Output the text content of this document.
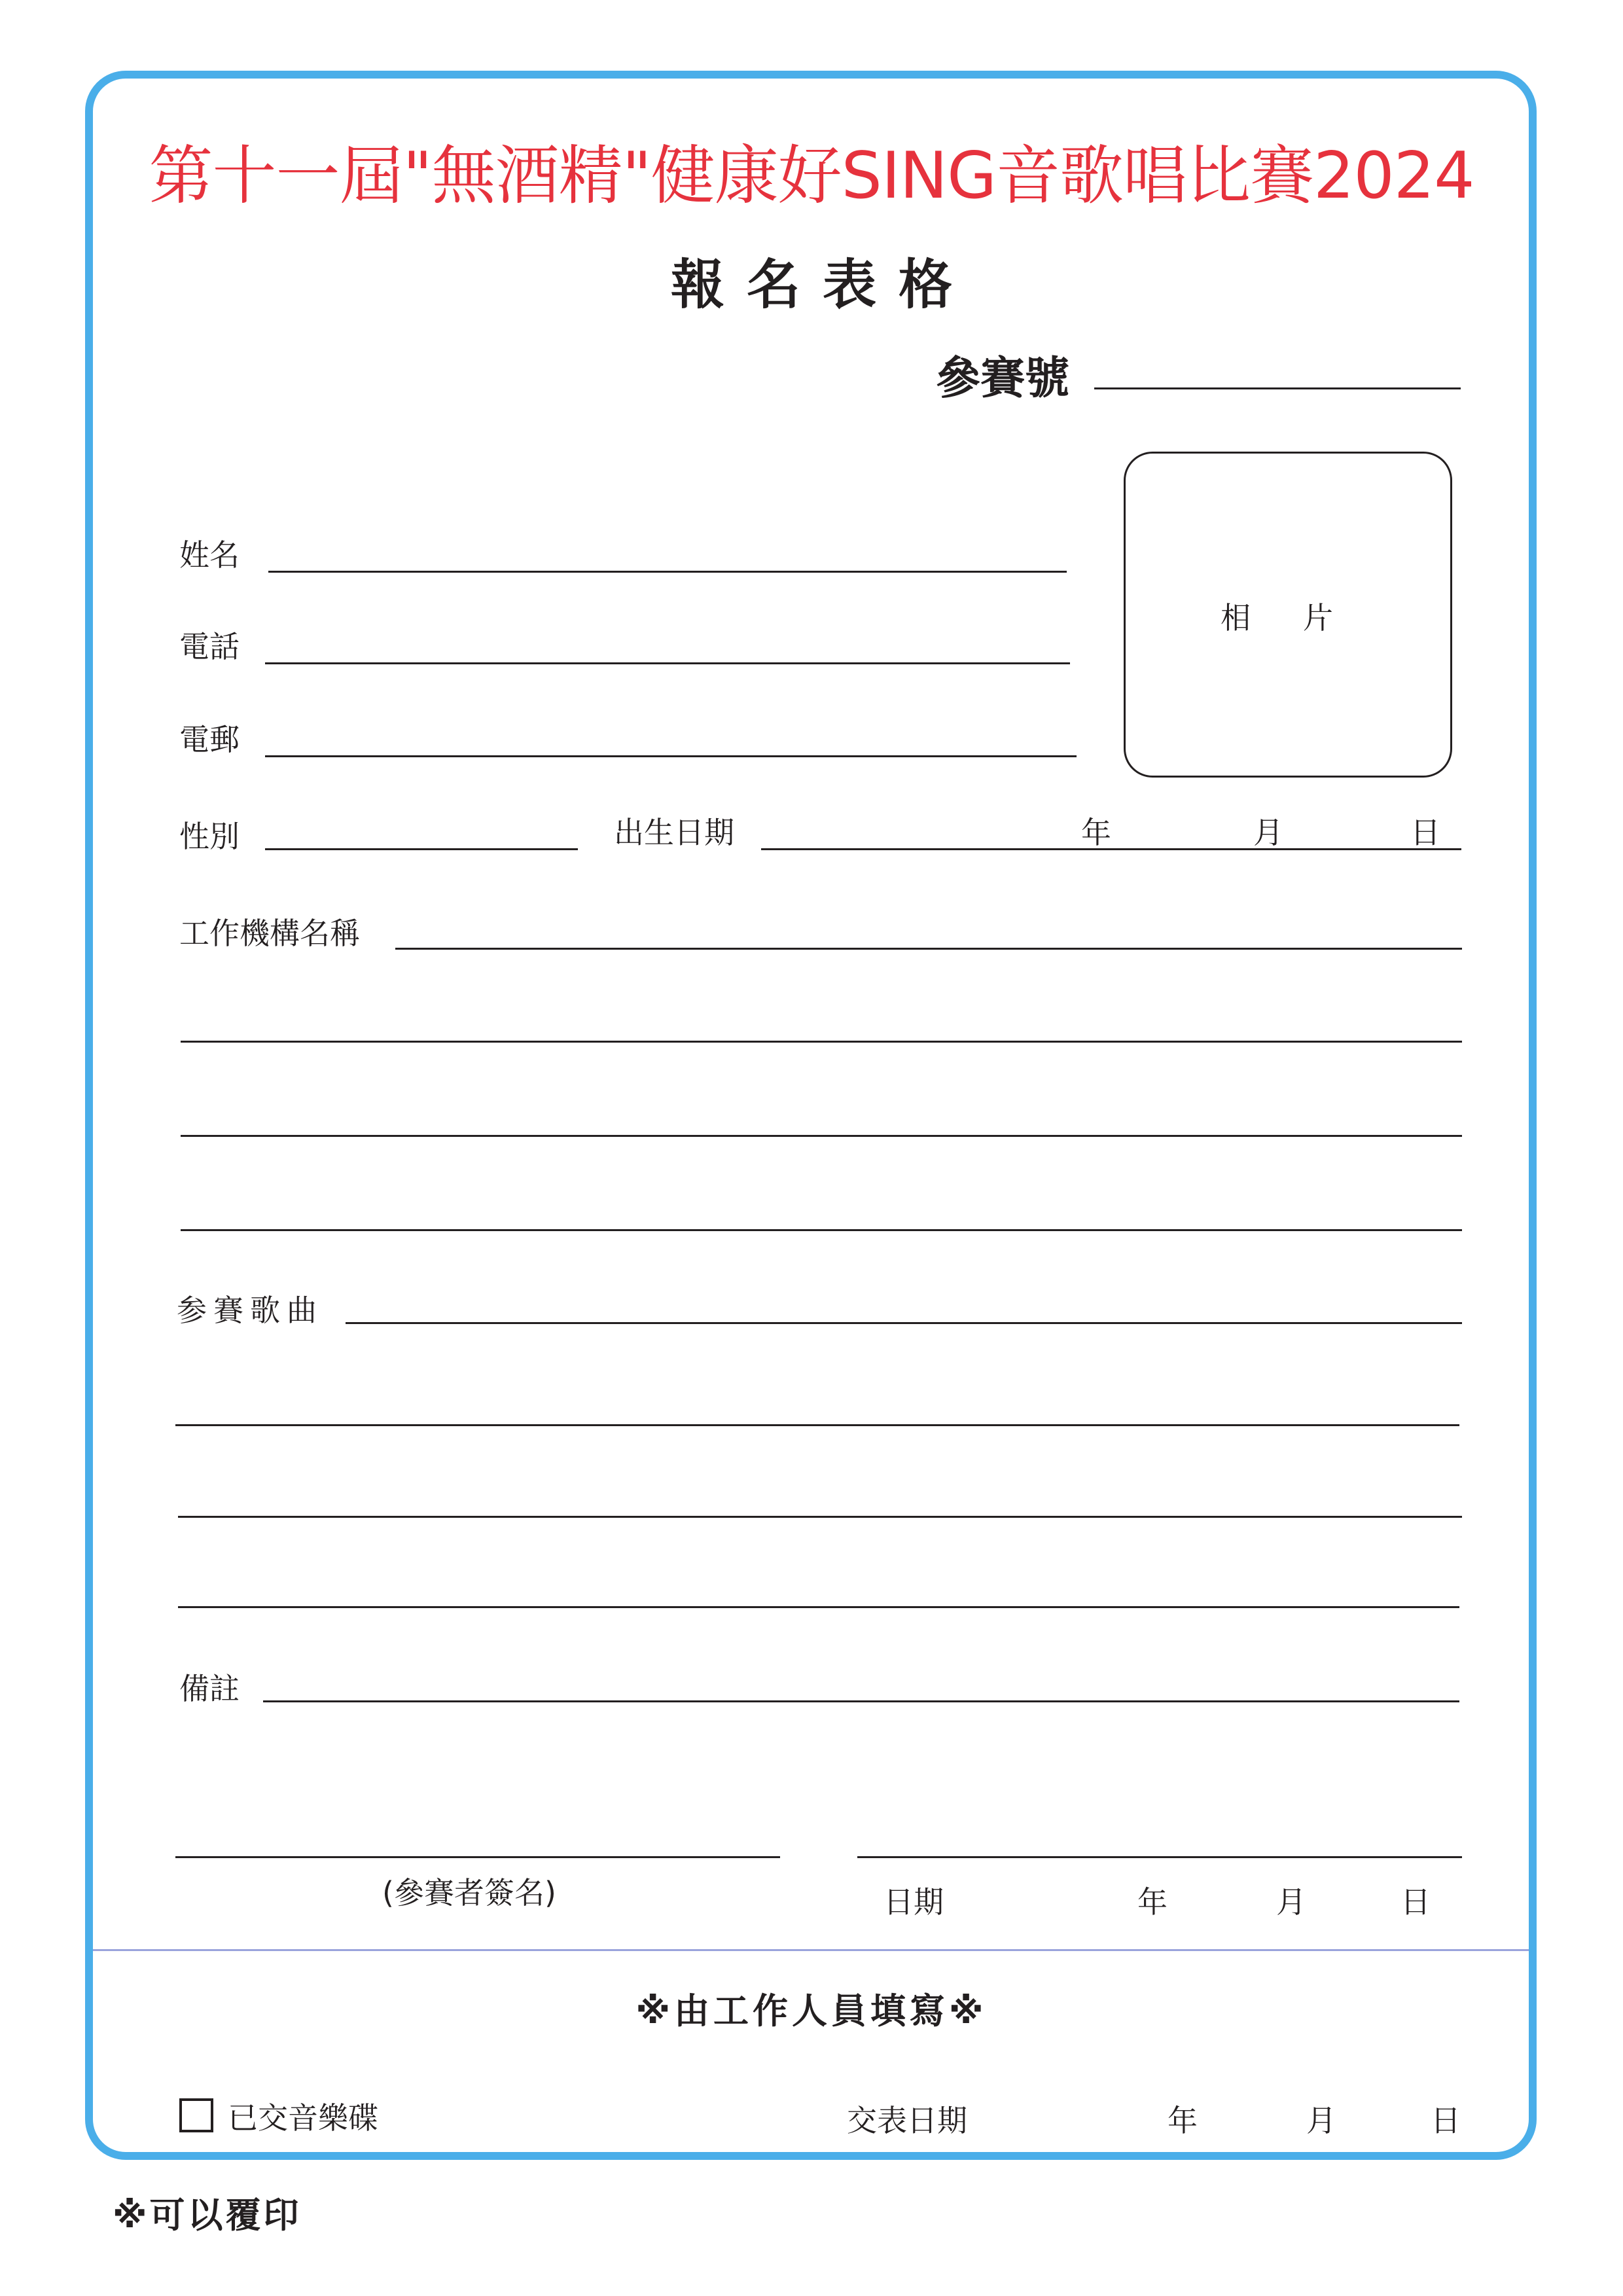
第十一屆"無酒精"健康好SING音歌唱比賽2024
報名表格
參賽號
相片
姓名
電話
電郵
性別	出生日期	年	月	日
工作機構名稱
参賽歌曲
備註
(參賽者簽名)	日期	年	月	日
※由工作人員填寫※
已交音樂碟	交表日期	年	月	日
※可以覆印
